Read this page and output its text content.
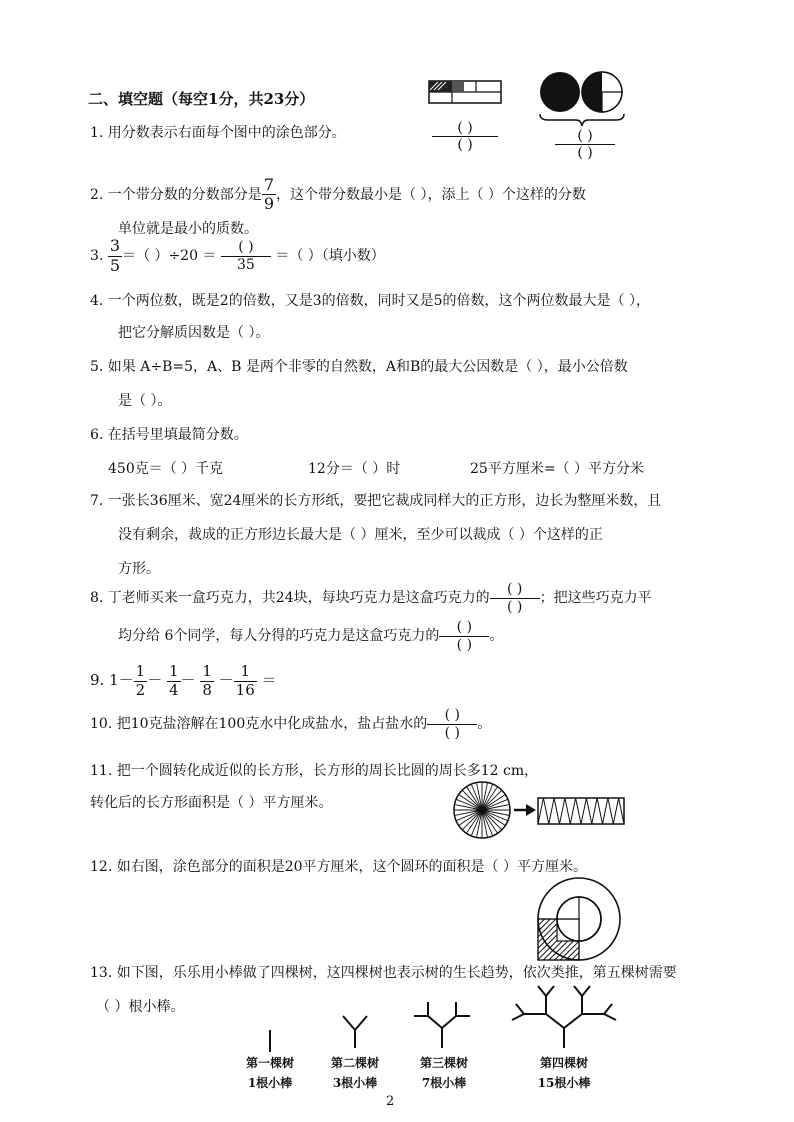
二、填空题（每空1分，共23分）
1. 用分数表示右面每个图中的涂色部分。	$\frac{( )}{( )}$	$\frac{( )}{( )}$
2. 一个带分数的分数部分是 $\frac{7}{9}$ ，这个带分数最小是（ ），添上（ ）个这样的分数
单位就是最小的质数。
3. $\frac{3}{5}$ ＝（ ）$\div 20 = \frac{( )}{35}$ ＝（ ）（填小数）
4. 一个两位数，既是2的倍数，又是3的倍数，同时又是5的倍数，这个两位数最大是（ ），
把它分解质因数是（ ）。
5. 如果 A÷B=5，A、B 是两个非零的自然数，A和B的最大公因数是（ ），最小公倍数
是（ ）。
6. 在括号里填最简分数。
450克＝（ ）千克	12分＝（ ）时	25平方厘米=（ ）平方分米
7. 一张长36厘米、宽24厘米的长方形纸，要把它裁成同样大的正方形，边长为整厘米数，且
没有剩余，裁成的正方形边长最大是（ ）厘米，至少可以裁成（ ）个这样的正
方形。
8. 丁老师买来一盒巧克力，共24块，每块巧克力是这盒巧克力的 $\frac{( )}{( )}$ ；把这些巧克力平
均分给 6个同学，每人分得的巧克力是这盒巧克力的 $\frac{( )}{( )}$ 。
9. $1- \frac{1}{2} - \frac{1}{4} - \frac{1}{8} - \frac{1}{16}$ ＝
10. 把10克盐溶解在100克水中化成盐水，盐占盐水的 $\frac{( )}{( )}$ 。
11. 把一个圆转化成近似的长方形，长方形的周长比圆的周长多12 cm，
转化后的长方形面积是（ ）平方厘米。
12. 如右图，涂色部分的面积是20平方厘米，这个圆环的面积是（ ）平方厘米。
13. 如下图，乐乐用小棒做了四棵树，这四棵树也表示树的生长趋势，依次类推，第五棵树需要
（ ）根小棒。
第一棵树
1根小棒
第二棵树
3根小棒
第三棵树
7根小棒
第四棵树
15根小棒
2
